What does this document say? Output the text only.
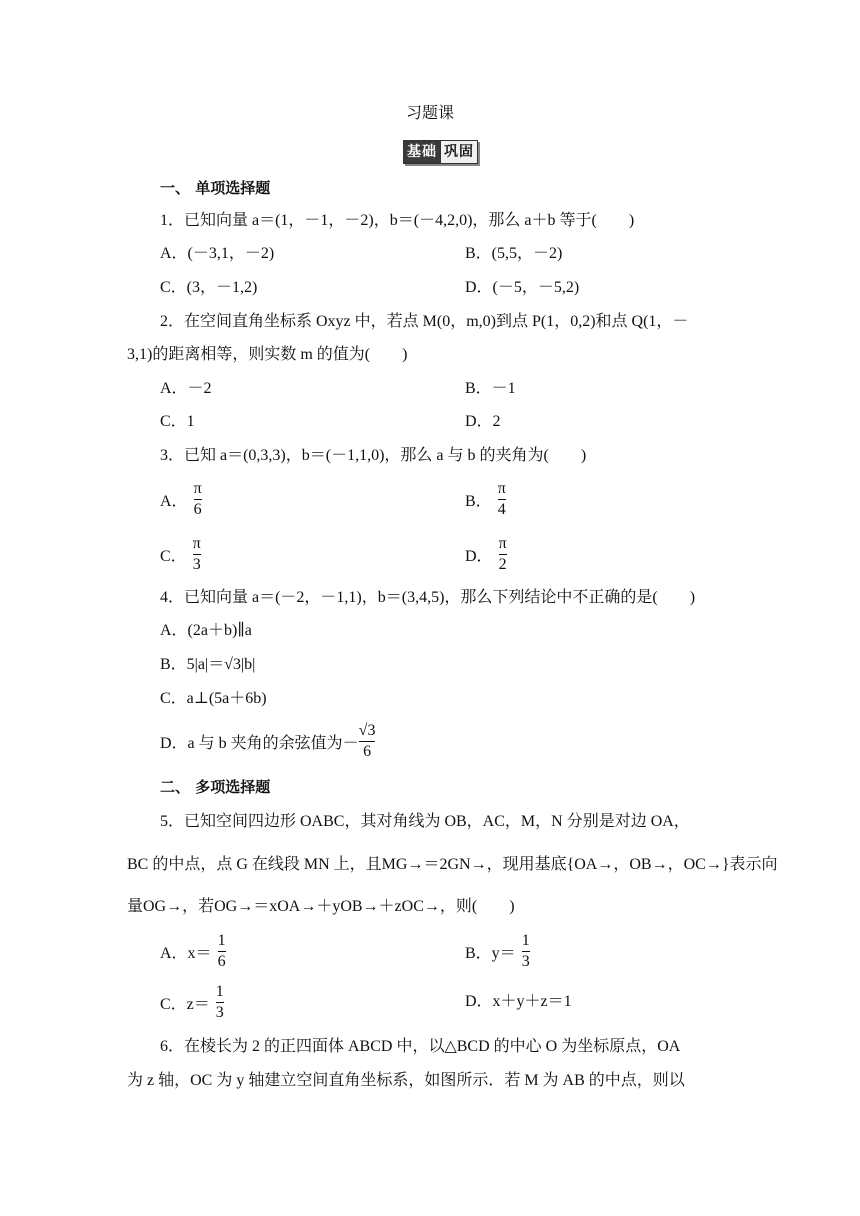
习题课
基础 巩固
一、 单项选择题
1．已知向量 a＝(1，－1，－2)，b＝(－4,2,0)，那么 a＋b 等于(　　)
A．(－3,1，－2)	B．(5,5，－2)
C．(3，－1,2)	D．(－5，－5,2)
2．在空间直角坐标系 Oxyz 中，若点 M(0，m,0)到点 P(1，0,2)和点 Q(1，－
3,1)的距离相等，则实数 m 的值为(　　)
A．－2	B．－1
C．1	D．2
3．已知 a＝(0,3,3)，b＝(－1,1,0)，那么 a 与 b 的夹角为(　　)
A． $\frac{\pi}{6}$	B． $\frac{\pi}{4}$
C． $\frac{\pi}{3}$	D． $\frac{\pi}{2}$
4．已知向量 a＝(－2，－1,1)，b＝(3,4,5)，那么下列结论中不正确的是(　　)
A．(2a＋b)∥a
B．5|a|＝√3|b|
C．a⊥(5a＋6b)
D．a 与 b 夹角的余弦值为－ $\frac{√3}{6}$
二、 多项选择题
5．已知空间四边形 OABC，其对角线为 OB，AC，M，N 分别是对边 OA，
BC 的中点，点 G 在线段 MN 上，且MG→＝2GN→，现用基底{OA→，OB→，OC→}表示向
量OG→，若OG→＝xOA→＋yOB→＋zOC→，则(　　)
A．$x= \frac{1}{6}$	B．$y= \frac{1}{3}$
C．$z= \frac{1}{3}$	D．x＋y＋z＝1
6．在棱长为 2 的正四面体 ABCD 中，以△BCD 的中心 O 为坐标原点，OA
为 z 轴，OC 为 y 轴建立空间直角坐标系，如图所示．若 M 为 AB 的中点，则以
